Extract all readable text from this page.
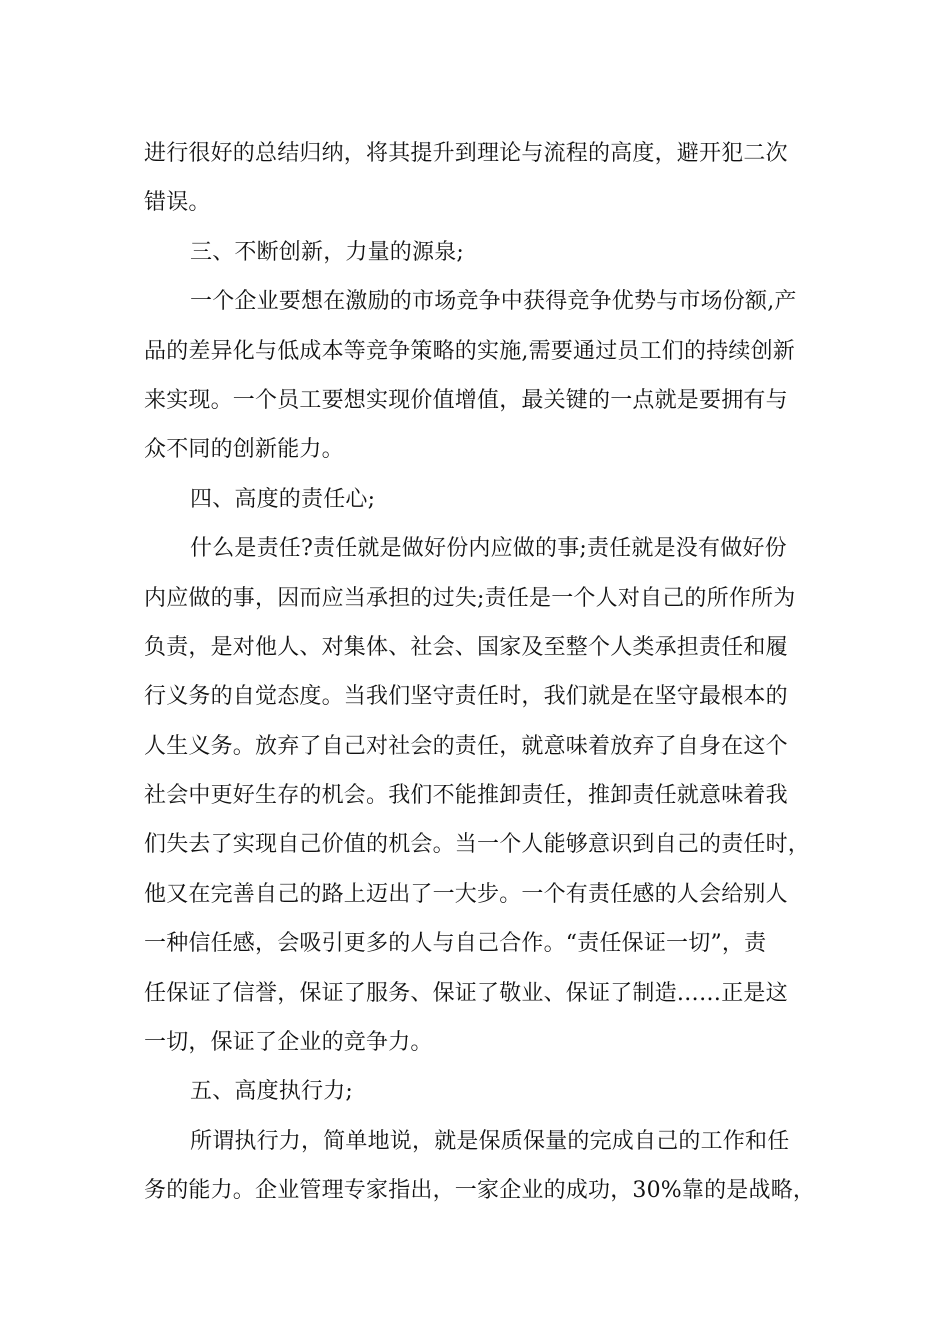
进行很好的总结归纳，将其提升到理论与流程的高度，避开犯二次
错误。
三、不断创新，力量的源泉;
一个企业要想在激励的市场竞争中获得竞争优势与市场份额,产
品的差异化与低成本等竞争策略的实施,需要通过员工们的持续创新
来实现。一个员工要想实现价值增值，最关键的一点就是要拥有与
众不同的创新能力。
四、高度的责任心;
什么是责任?责任就是做好份内应做的事;责任就是没有做好份
内应做的事，因而应当承担的过失;责任是一个人对自己的所作所为
负责，是对他人、对集体、社会、国家及至整个人类承担责任和履
行义务的自觉态度。当我们坚守责任时，我们就是在坚守最根本的
人生义务。放弃了自己对社会的责任，就意味着放弃了自身在这个
社会中更好生存的机会。我们不能推卸责任，推卸责任就意味着我
们失去了实现自己价值的机会。当一个人能够意识到自己的责任时，
他又在完善自己的路上迈出了一大步。一个有责任感的人会给别人
一种信任感，会吸引更多的人与自己合作。“责任保证一切”，责
任保证了信誉，保证了服务、保证了敬业、保证了制造……正是这
一切，保证了企业的竞争力。
五、高度执行力;
所谓执行力，简单地说，就是保质保量的完成自己的工作和任
务的能力。企业管理专家指出，一家企业的成功，30%靠的是战略，
